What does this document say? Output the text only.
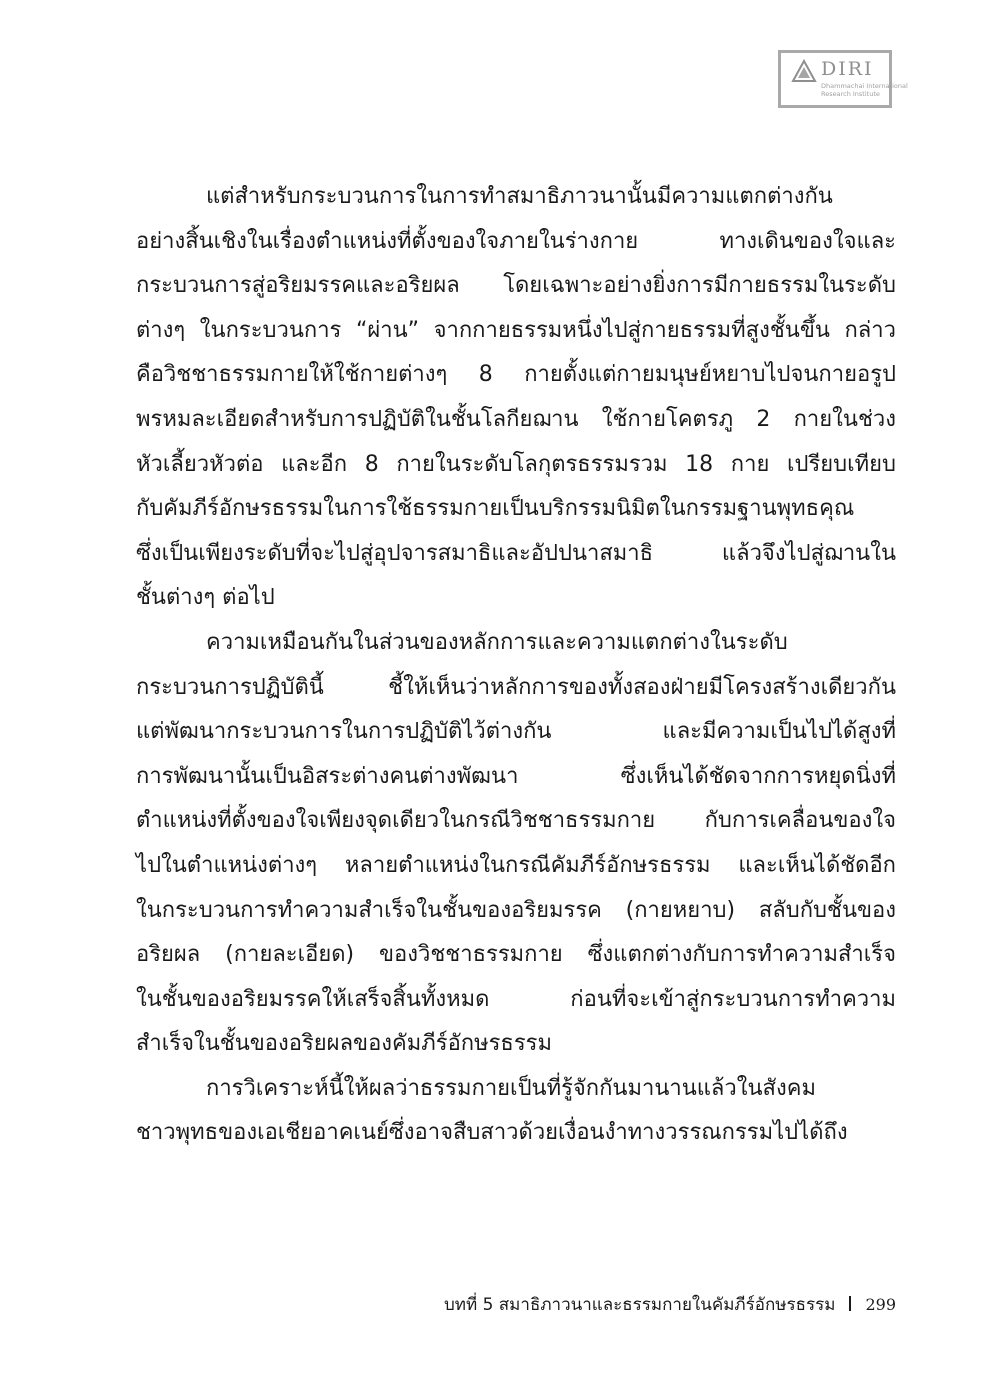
DIRI
Dhammachai International
Research Institute
แต่สำหรับกระบวนการในการทำสมาธิภาวนานั้นมีความแตกต่างกัน
อย่างสิ้นเชิงในเรื่องตำแหน่งที่ตั้งของใจภายในร่างกาย ทางเดินของใจและ
กระบวนการสู่อริยมรรคและอริยผล โดยเฉพาะอย่างยิ่งการมีกายธรรมในระดับ
ต่างๆ ในกระบวนการ “ผ่าน” จากกายธรรมหนึ่งไปสู่กายธรรมที่สูงชั้นขึ้น กล่าว
คือวิชชาธรรมกายให้ใช้กายต่างๆ 8 กายตั้งแต่กายมนุษย์หยาบไปจนกายอรูป
พรหมละเอียดสำหรับการปฏิบัติในชั้นโลกียฌาน ใช้กายโคตรภู 2 กายในช่วง
หัวเลี้ยวหัวต่อ และอีก 8 กายในระดับโลกุตรธรรมรวม 18 กาย เปรียบเทียบ
กับคัมภีร์อักษรธรรมในการใช้ธรรมกายเป็นบริกรรมนิมิตในกรรมฐานพุทธคุณ
ซึ่งเป็นเพียงระดับที่จะไปสู่อุปจารสมาธิและอัปปนาสมาธิ แล้วจึงไปสู่ฌานใน
ชั้นต่างๆ ต่อไป
ความเหมือนกันในส่วนของหลักการและความแตกต่างในระดับ
กระบวนการปฏิบัตินี้ ชี้ให้เห็นว่าหลักการของทั้งสองฝ่ายมีโครงสร้างเดียวกัน
แต่พัฒนากระบวนการในการปฏิบัติไว้ต่างกัน และมีความเป็นไปได้สูงที่
การพัฒนานั้นเป็นอิสระต่างคนต่างพัฒนา ซึ่งเห็นได้ชัดจากการหยุดนิ่งที่
ตำแหน่งที่ตั้งของใจเพียงจุดเดียวในกรณีวิชชาธรรมกาย กับการเคลื่อนของใจ
ไปในตำแหน่งต่างๆ หลายตำแหน่งในกรณีคัมภีร์อักษรธรรม และเห็นได้ชัดอีก
ในกระบวนการทำความสำเร็จในชั้นของอริยมรรค (กายหยาบ) สลับกับชั้นของ
อริยผล (กายละเอียด) ของวิชชาธรรมกาย ซึ่งแตกต่างกับการทำความสำเร็จ
ในชั้นของอริยมรรคให้เสร็จสิ้นทั้งหมด ก่อนที่จะเข้าสู่กระบวนการทำความ
สำเร็จในชั้นของอริยผลของคัมภีร์อักษรธรรม
การวิเคราะห์นี้ให้ผลว่าธรรมกายเป็นที่รู้จักกันมานานแล้วในสังคม
ชาวพุทธของเอเชียอาคเนย์ซึ่งอาจสืบสาวด้วยเงื่อนงำทางวรรณกรรมไปได้ถึง
บทที่ 5 สมาธิภาวนาและธรรมกายในคัมภีร์อักษรธรรม 299
